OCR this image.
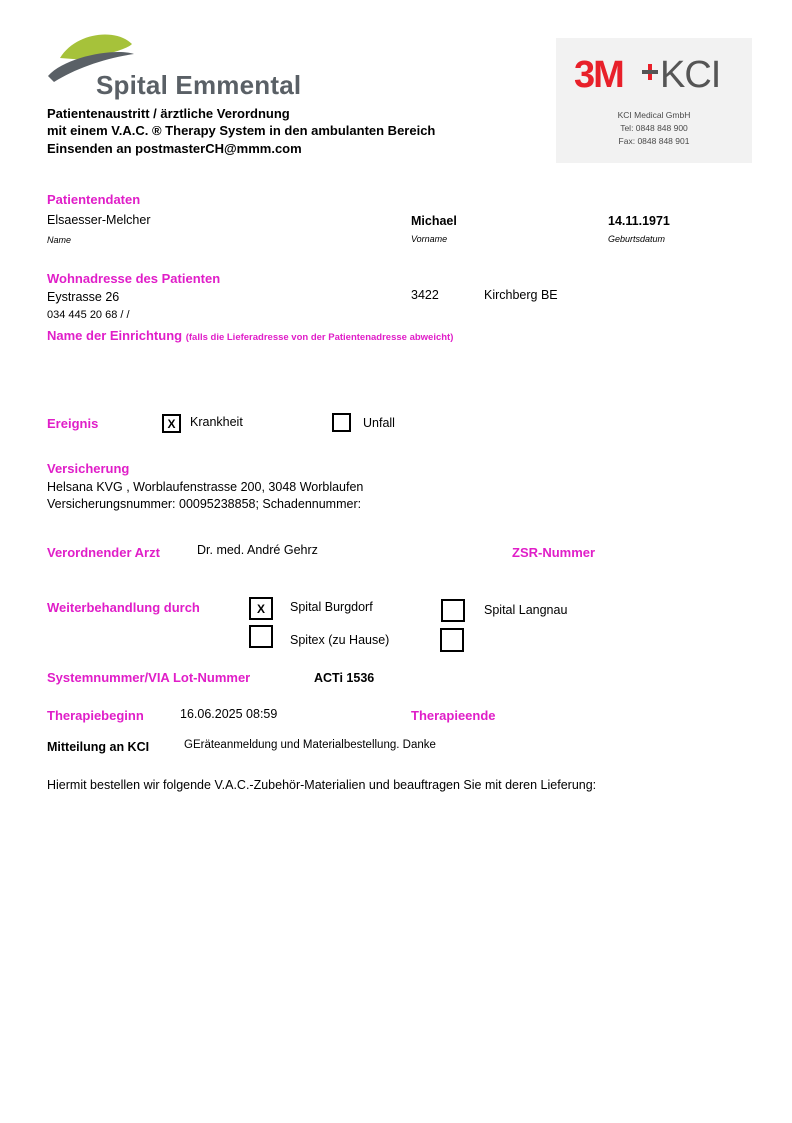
Spital Emmental
Patientenaustritt / ärztliche Verordnung
mit einem V.A.C. ® Therapy System in den ambulanten Bereich
Einsenden an postmasterCH@mmm.com
3M KCI
KCI Medical GmbH
Tel: 0848 848 900
Fax: 0848 848 901
Patientendaten
Elsaesser-Melcher
Name
Michael
Vorname
14.11.1971
Geburtsdatum
Wohnadresse des Patienten
Eystrasse 26	3422	Kirchberg BE
034 445 20 68 / /
Name der Einrichtung (falls die Lieferadresse von der Patientenadresse abweicht)
Ereignis	X	Krankheit	Unfall
Versicherung
Helsana KVG , Worblaufenstrasse 200, 3048 Worblaufen
Versicherungsnummer: 00095238858; Schadennummer:
Verordnender Arzt	Dr. med. André Gehrz	ZSR-Nummer
Weiterbehandlung durch	X	Spital Burgdorf	Spital Langnau
Spitex (zu Hause)
Systemnummer/VIA Lot-Nummer	ACTi 1536
Therapiebeginn	16.06.2025 08:59	Therapieende
Mitteilung an KCI	GEräteanmeldung und Materialbestellung. Danke
Hiermit bestellen wir folgende V.A.C.-Zubehör-Materialien und beauftragen Sie mit deren Lieferung:
